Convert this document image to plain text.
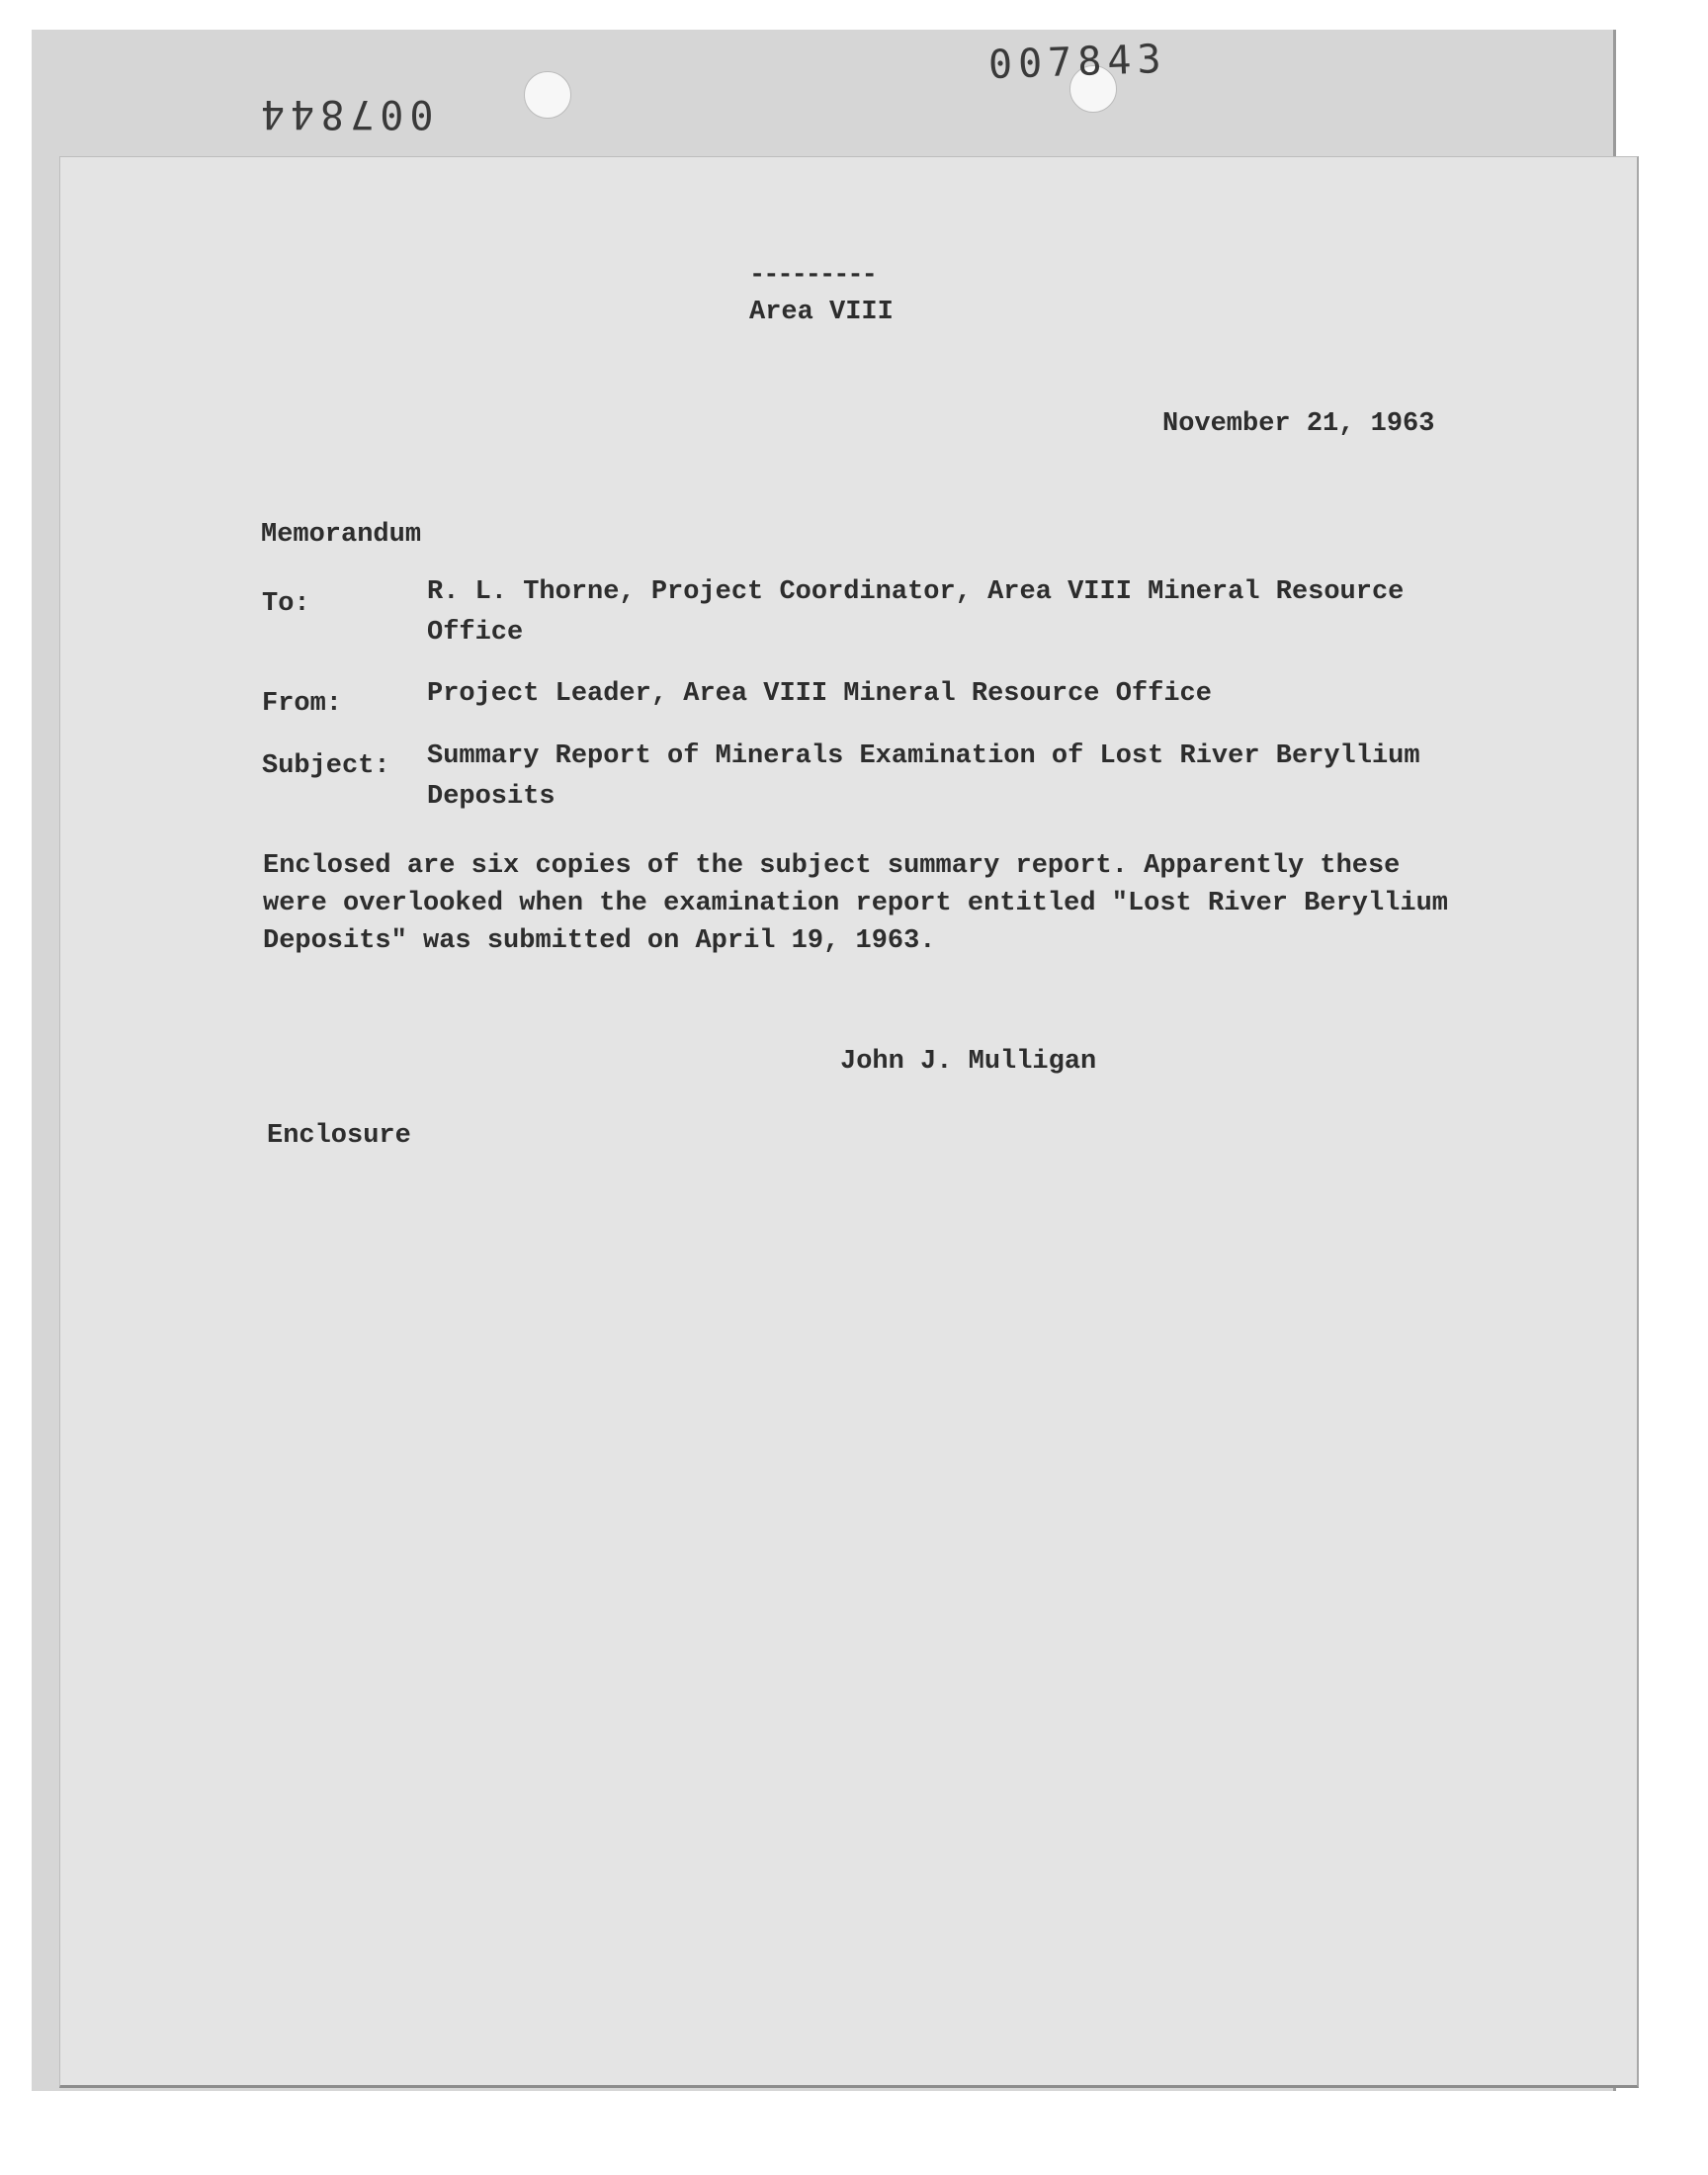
007844
007843
---------
Area VIII
November 21, 1963
Memorandum
To:	R. L. Thorne, Project Coordinator, Area VIII Mineral Resource
Office
From:	Project Leader, Area VIII Mineral Resource Office
Subject: Summary Report of Minerals Examination of Lost River Beryllium
Deposits
Enclosed are six copies of the subject summary report. Apparently these
were overlooked when the examination report entitled "Lost River Beryllium
Deposits" was submitted on April 19, 1963.
John J. Mulligan
Enclosure
